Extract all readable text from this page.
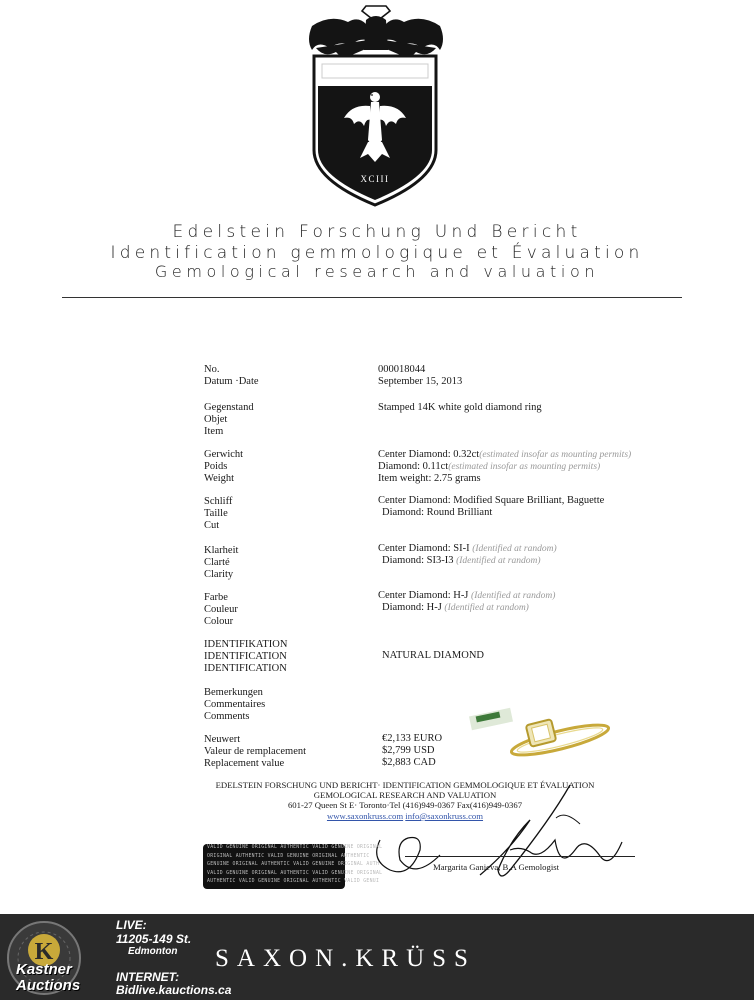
XCIII
Edelstein Forschung Und Bericht
Identification gemmologique et Évaluation
Gemological research and valuation
No.
Datum ·Date
000018044
September 15, 2013
Gegenstand
Objet
Item
Stamped 14K white gold diamond ring
Gerwicht
Poids
Weight
Center Diamond: 0.32ct(estimated insofar as mounting permits)
Diamond: 0.11ct(estimated insofar as mounting permits)
Item weight: 2.75 grams
Schliff
Taille
Cut
Center Diamond: Modified Square Brilliant, Baguette
Diamond: Round Brilliant
Klarheit
Clarté
Clarity
Center Diamond: SI-I (Identified at random)
Diamond: SI3-I3 (Identified at random)
Farbe
Couleur
Colour
Center Diamond: H-J (Identified at random)
Diamond: H-J (Identified at random)
IDENTIFIKATION
IDENTIFICATION
IDENTIFICATION
NATURAL DIAMOND
Bemerkungen
Commentaires
Comments
Neuwert
Valeur de remplacement
Replacement value
€2,133 EURO
$2,799 USD
$2,883 CAD
EDELSTEIN FORSCHUNG UND BERICHT· IDENTIFICATION GEMMOLOGIQUE ET ÉVALUATION
GEMOLOGICAL RESEARCH AND VALUATION
601-27 Queen St E· Toronto·Tel (416)949-0367 Fax(416)949-0367
www.saxonkruss.com info@saxonkruss.com
Margarita Ganieva, B.A Gemologist
VALID GENUINE ORIGINAL AUTHENTIC VALID GENUINE ORIGINAL
ORIGINAL AUTHENTIC VALID GENUINE ORIGINAL AUTHENTIC
GENUINE ORIGINAL AUTHENTIC VALID GENUINE ORIGINAL AUTH
VALID GENUINE ORIGINAL AUTHENTIC VALID GENUINE ORIGINAL
AUTHENTIC VALID GENUINE ORIGINAL AUTHENTIC VALID GENUI
K
Kastner
Auctions
LIVE:
11205-149 St.
Edmonton
INTERNET:
Bidlive.kauctions.ca
SAXON.KRÜSS
